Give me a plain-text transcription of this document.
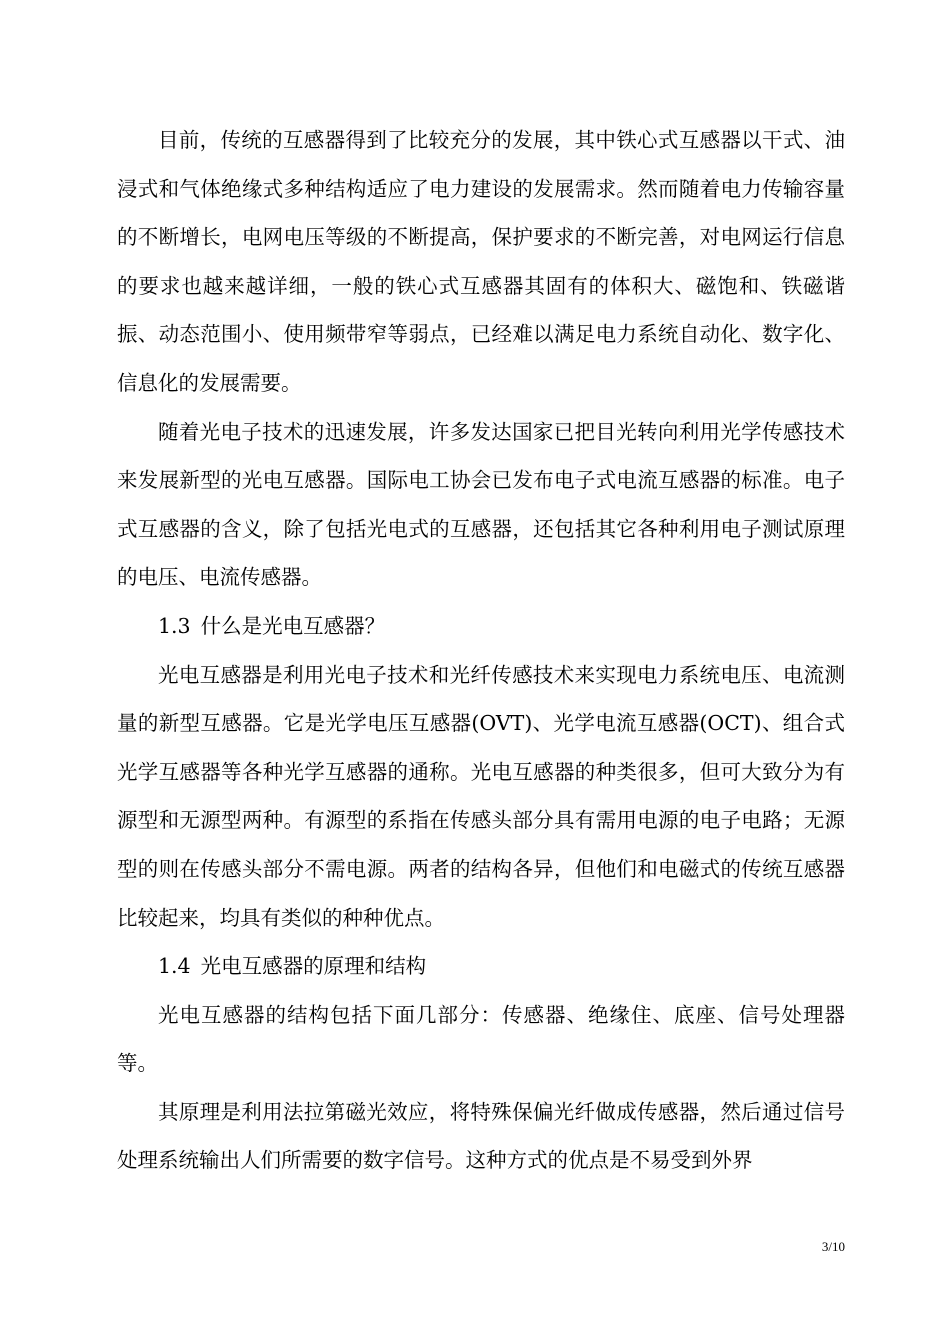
目前，传统的互感器得到了比较充分的发展，其中铁心式互感器以干式、油浸式和气体绝缘式多种结构适应了电力建设的发展需求。然而随着电力传输容量的不断增长，电网电压等级的不断提高，保护要求的不断完善，对电网运行信息的要求也越来越详细，一般的铁心式互感器其固有的体积大、磁饱和、铁磁谐振、动态范围小、使用频带窄等弱点，已经难以满足电力系统自动化、数字化、信息化的发展需要。

随着光电子技术的迅速发展，许多发达国家已把目光转向利用光学传感技术来发展新型的光电互感器。国际电工协会已发布电子式电流互感器的标准。电子式互感器的含义，除了包括光电式的互感器，还包括其它各种利用电子测试原理的电压、电流传感器。

1.3 什么是光电互感器？

光电互感器是利用光电子技术和光纤传感技术来实现电力系统电压、电流测量的新型互感器。它是光学电压互感器(OVT)、光学电流互感器(OCT)、组合式光学互感器等各种光学互感器的通称。光电互感器的种类很多，但可大致分为有源型和无源型两种。有源型的系指在传感头部分具有需用电源的电子电路；无源型的则在传感头部分不需电源。两者的结构各异，但他们和电磁式的传统互感器比较起来，均具有类似的种种优点。

1.4 光电互感器的原理和结构

光电互感器的结构包括下面几部分：传感器、绝缘住、底座、信号处理器等。

其原理是利用法拉第磁光效应，将特殊保偏光纤做成传感器，然后通过信号处理系统输出人们所需要的数字信号。这种方式的优点是不易受到外界

3/10
